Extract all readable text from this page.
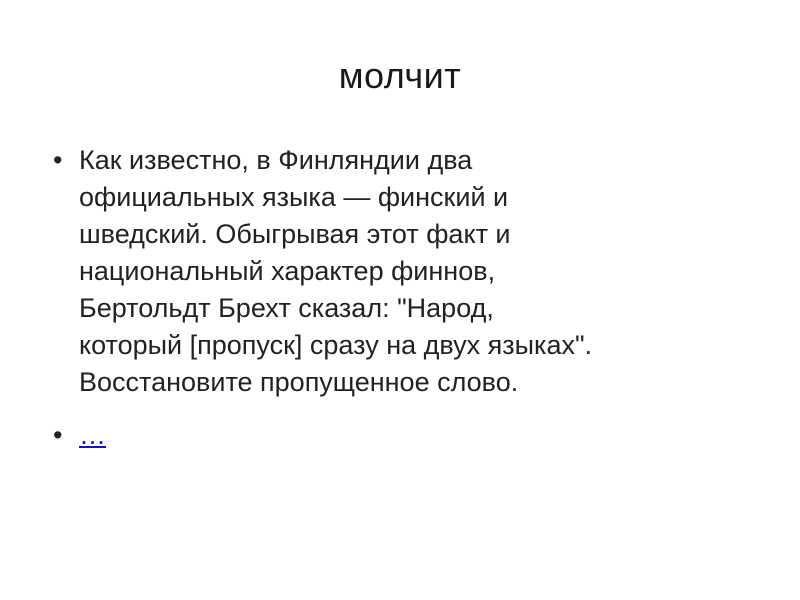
молчит
• Как известно, в Финляндии два
официальных языка — финский и
шведский. Обыгрывая этот факт и
национальный характер финнов,
Бертольдт Брехт сказал: "Народ,
который [пропуск] сразу на двух языках".
Восстановите пропущенное слово.
• …
